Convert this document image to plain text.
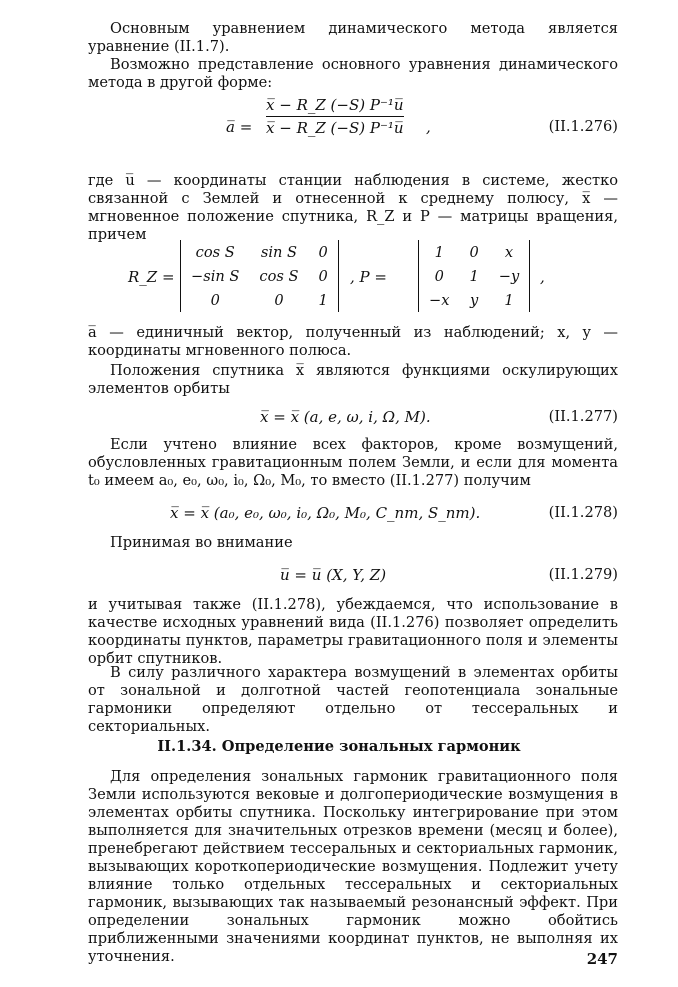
Основным уравнением динамического метода является уравнение (II.1.7).
Возможно представление основного уравнения динамического метода в другой форме:
a̅ =
x̅ − R_Z (−S) P⁻¹u̅
x̅ − R_Z (−S) P⁻¹u̅ ,	(II.1.276)
где u̅ — координаты станции наблюдения в системе, жестко связанной с Землей и отнесенной к среднему полюсу, x̅ — мгновенное положение спутника, R_Z и P — матрицы вращения, причем
R_Z =
cos S	sin S	0
−sin S	cos S	0
0	0	1
, P =
1	0	x
0	1	−y
−x	y	1
,
a̅ — единичный вектор, полученный из наблюдений; x, y — координаты мгновенного полюса.
Положения спутника x̅ являются функциями оскулирующих элементов орбиты
x̅ = x̅ (a, e, ω, i, Ω, M).	(II.1.277)
Если учтено влияние всех факторов, кроме возмущений, обусловленных гравитационным полем Земли, и если для момента t₀ имеем a₀, e₀, ω₀, i₀, Ω₀, M₀, то вместо (II.1.277) получим
x̅ = x̅ (a₀, e₀, ω₀, i₀, Ω₀, M₀, C_nm, S_nm).	(II.1.278)
Принимая во внимание
u̅ = u̅ (X, Y, Z)	(II.1.279)
и учитывая также (II.1.278), убеждаемся, что использование в качестве исходных уравнений вида (II.1.276) позволяет определить координаты пунктов, параметры гравитационного поля и элементы орбит спутников.
В силу различного характера возмущений в элементах орбиты от зональной и долготной частей геопотенциала зональные гармоники определяют отдельно от тессеральных и секториальных.
II.1.34. Определение зональных гармоник
Для определения зональных гармоник гравитационного поля Земли используются вековые и долгопериодические возмущения в элементах орбиты спутника. Поскольку интегрирование при этом выполняется для значительных отрезков времени (месяц и более), пренебрегают действием тессеральных и секториальных гармоник, вызывающих короткопериодические возмущения. Подлежит учету влияние только отдельных тессеральных и секториальных гармоник, вызывающих так называемый резонансный эффект. При определении зональных гармоник можно обойтись приближенными значениями координат пунктов, не выполняя их уточнения.	247
